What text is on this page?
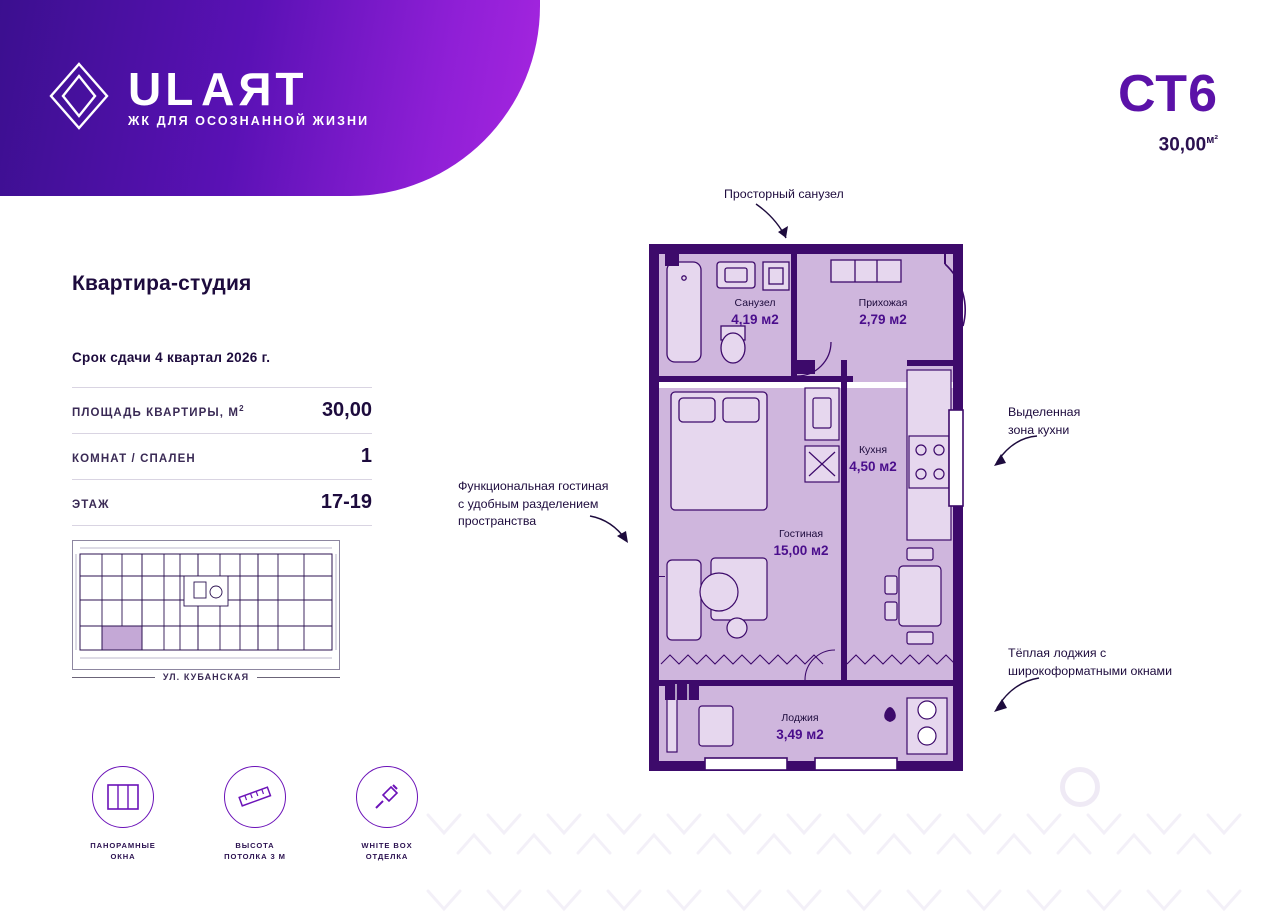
UL TRA
ЖК ДЛЯ ОСОЗНАННОЙ ЖИЗНИ	СТ6
$30,00^{м^2}$
Квартира-студия
Срок сдачи 4 квартал 2026 г.
ПЛОЩАДЬ КВАРТИРЫ, $М^2$	30,00
КОМНАТ / СПАЛЕН	1
ЭТАЖ	17-19
УЛ. КУБАНСКАЯ
ПАНОРАМНЫЕ
ОКНА
ВЫСОТА
ПОТОЛКА 3 М
WHITE BOX
ОТДЕЛКА
Санузел
4,19 м2
Прихожая
2,79 м2
Кухня
4,50 м2
Гостиная
15,00 м2
Лоджия
3,49 м2
Просторный санузел
Выделенная
зона кухни
Функциональная гостиная
с удобным разделением
пространства
Тёплая лоджия с
широкоформатными окнами
